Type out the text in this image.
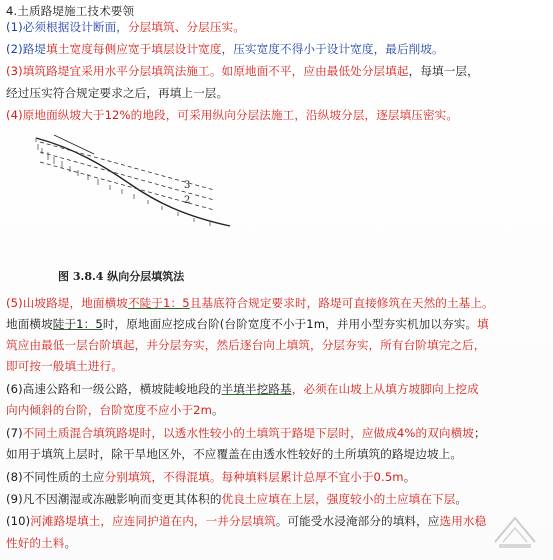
4.土质路堤施工技术要领
(1)必须根据设计断面，分层填筑、分层压实。
(2)路堤填土宽度每侧应宽于填层设计宽度，压实宽度不得小于设计宽度，最后削坡。
(3)填筑路堤宜采用水平分层填筑法施工。如原地面不平，应由最低处分层填起，每填一层，
经过压实符合规定要求之后，再填上一层。
(4)原地面纵坡大于12%的地段，可采用纵向分层法施工，沿纵坡分层，逐层填压密实。
3
2
图 3.8.4 纵向分层填筑法
(5)山坡路堤，地面横坡不陡于1：5且基底符合规定要求时，路堤可直接修筑在天然的土基上。
地面横坡陡于1：5时，原地面应挖成台阶(台阶宽度不小于1m，并用小型夯实机加以夯实。填
筑应由最低一层台阶填起，并分层夯实，然后逐台向上填筑，分层夯实，所有台阶填完之后，
即可按一般填土进行。
(6)高速公路和一级公路，横坡陡峻地段的半填半挖路基，必须在山坡上从填方坡脚向上挖成
向内倾斜的台阶，台阶宽度不应小于2m。
(7)不同土质混合填筑路堤时，以透水性较小的土填筑于路堤下层时，应做成4%的双向横坡；
如用于填筑上层时，除干旱地区外，不应覆盖在由透水性较好的土所填筑的路堤边坡上。
(8)不同性质的土应分别填筑，不得混填。每种填料层累计总厚不宜小于0.5m。
(9)凡不因潮湿或冻融影响而变更其体积的优良土应填在上层，强度较小的土应填在下层。
(10)河滩路堤填土，应连同护道在内，一并分层填筑。可能受水浸淹部分的填料，应选用水稳
性好的土料。
